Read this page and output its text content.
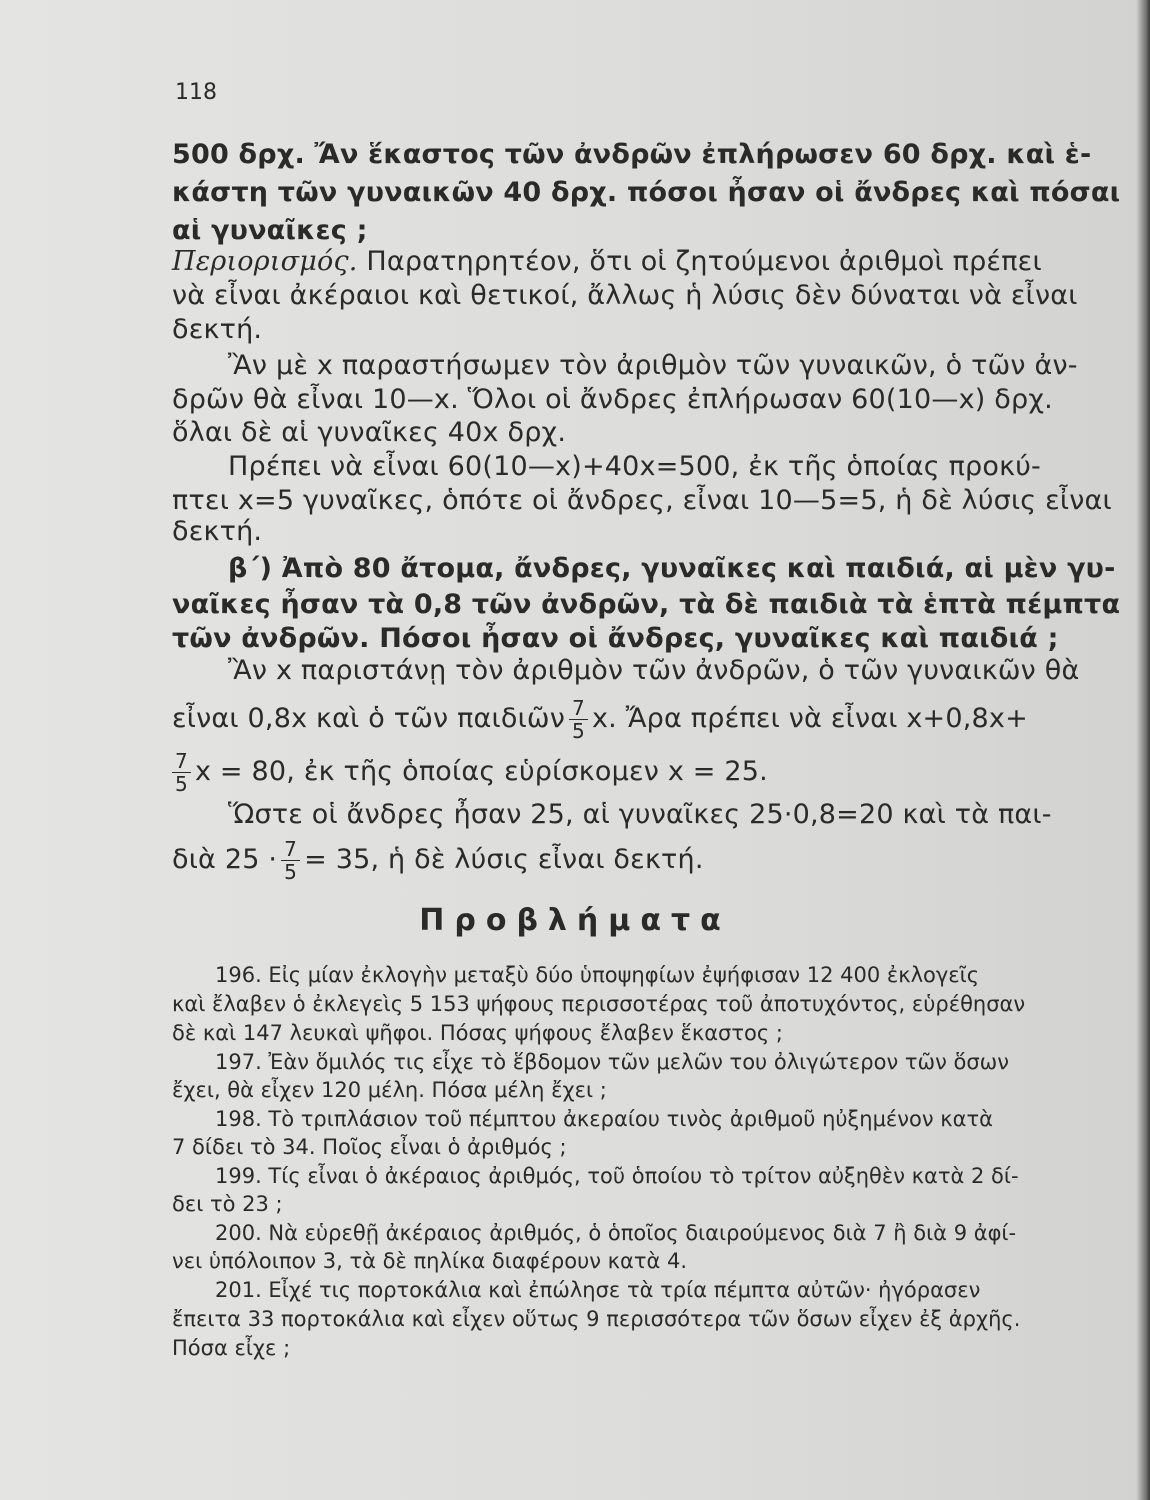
118
500 δρχ. Ἄν ἕκαστος τῶν ἀνδρῶν ἐπλήρωσεν 60 δρχ. καὶ ἑ-
κάστη τῶν γυναικῶν 40 δρχ. πόσοι ἦσαν οἱ ἄνδρες καὶ πόσαι
αἱ γυναῖκες ;
Περιορισμός. Παρατηρητέον, ὅτι οἱ ζητούμενοι ἀριθμοὶ πρέπει
νὰ εἶναι ἀκέραιοι καὶ θετικοί, ἄλλως ἡ λύσις δὲν δύναται νὰ εἶναι
δεκτή.
Ἂν μὲ x παραστήσωμεν τὸν ἀριθμὸν τῶν γυναικῶν, ὁ τῶν ἀν-
δρῶν θὰ εἶναι 10—x. Ὅλοι οἱ ἄνδρες ἐπλήρωσαν 60(10—x) δρχ.
ὅλαι δὲ αἱ γυναῖκες 40x δρχ.
Πρέπει νὰ εἶναι 60(10—x)+40x=500, ἐκ τῆς ὁποίας προκύ-
πτει x=5 γυναῖκες, ὁπότε οἱ ἄνδρες, εἶναι 10—5=5, ἡ δὲ λύσις εἶναι
δεκτή.
β΄) Ἀπὸ 80 ἄτομα, ἄνδρες, γυναῖκες καὶ παιδιά, αἱ μὲν γυ-
ναῖκες ἦσαν τὰ 0,8 τῶν ἀνδρῶν, τὰ δὲ παιδιὰ τὰ ἑπτὰ πέμπτα
τῶν ἀνδρῶν. Πόσοι ἦσαν οἱ ἄνδρες, γυναῖκες καὶ παιδιά ;
Ἂν x παριστάνῃ τὸν ἀριθμὸν τῶν ἀνδρῶν, ὁ τῶν γυναικῶν θὰ
εἶναι 0,8x καὶ ὁ τῶν παιδιῶν $\frac{7}{5} x$. Ἄρα πρέπει νὰ εἶναι x+0,8x+
$\frac{7}{5}$ x = 80, ἐκ τῆς ὁποίας εὑρίσκομεν x = 25.
Ὥστε οἱ ἄνδρες ἦσαν 25, αἱ γυναῖκες 25·0,8=20 καὶ τὰ παι-
διὰ $25 \cdot \frac{7}{5} = 35$, ἡ δὲ λύσις εἶναι δεκτή.
Προβλήματα
196. Εἰς μίαν ἐκλογὴν μεταξὺ δύο ὑποψηφίων ἐψήφισαν 12 400 ἐκλογεῖς
καὶ ἔλαβεν ὁ ἐκλεγεὶς 5 153 ψήφους περισσοτέρας τοῦ ἀποτυχόντος, εὑρέθησαν
δὲ καὶ 147 λευκαὶ ψῆφοι. Πόσας ψήφους ἔλαβεν ἕκαστος ;
197. Ἐὰν ὅμιλός τις εἶχε τὸ ἕβδομον τῶν μελῶν του ὀλιγώτερον τῶν ὅσων
ἔχει, θὰ εἶχεν 120 μέλη. Πόσα μέλη ἔχει ;
198. Τὸ τριπλάσιον τοῦ πέμπτου ἀκεραίου τινὸς ἀριθμοῦ ηὐξημένον κατὰ
7 δίδει τὸ 34. Ποῖος εἶναι ὁ ἀριθμός ;
199. Τίς εἶναι ὁ ἀκέραιος ἀριθμός, τοῦ ὁποίου τὸ τρίτον αὐξηθὲν κατὰ 2 δί-
δει τὸ 23 ;
200. Νὰ εὑρεθῇ ἀκέραιος ἀριθμός, ὁ ὁποῖος διαιρούμενος διὰ 7 ἢ διὰ 9 ἀφί-
νει ὑπόλοιπον 3, τὰ δὲ πηλίκα διαφέρουν κατὰ 4.
201. Εἶχέ τις πορτοκάλια καὶ ἐπώλησε τὰ τρία πέμπτα αὐτῶν· ἠγόρασεν
ἔπειτα 33 πορτοκάλια καὶ εἶχεν οὕτως 9 περισσότερα τῶν ὅσων εἶχεν ἐξ ἀρχῆς.
Πόσα εἶχε ;
